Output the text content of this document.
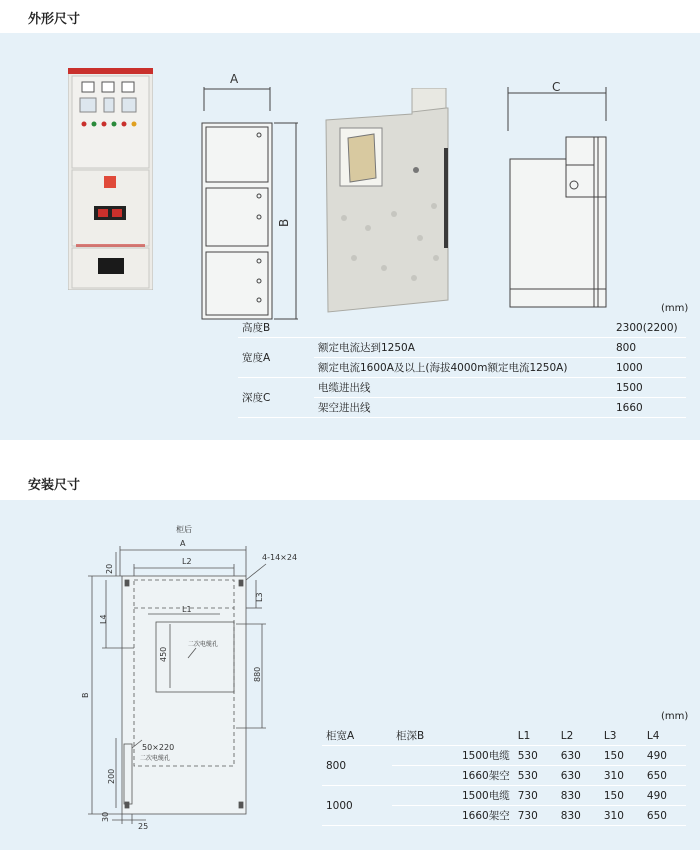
外形尺寸
A
B
C
(mm)
高度B		2300(2200)
宽度A	额定电流达到1250A	800
	额定电流1600A及以上(海拔4000m额定电流1250A)	1000
深度C	电缆进出线	1500
	架空进出线	1660
安装尺寸
柜后
A
L2
L1
4-14×24
L3
880
450
二次电缆孔
20
L4
B
200
50×220
二次电缆孔
30
25
(mm)
柜宽A	柜深B	L1	L2	L3	L4
800	1500电缆	530	630	150	490
	1660架空	530	630	310	650
1000	1500电缆	730	830	150	490
	1660架空	730	830	310	650
